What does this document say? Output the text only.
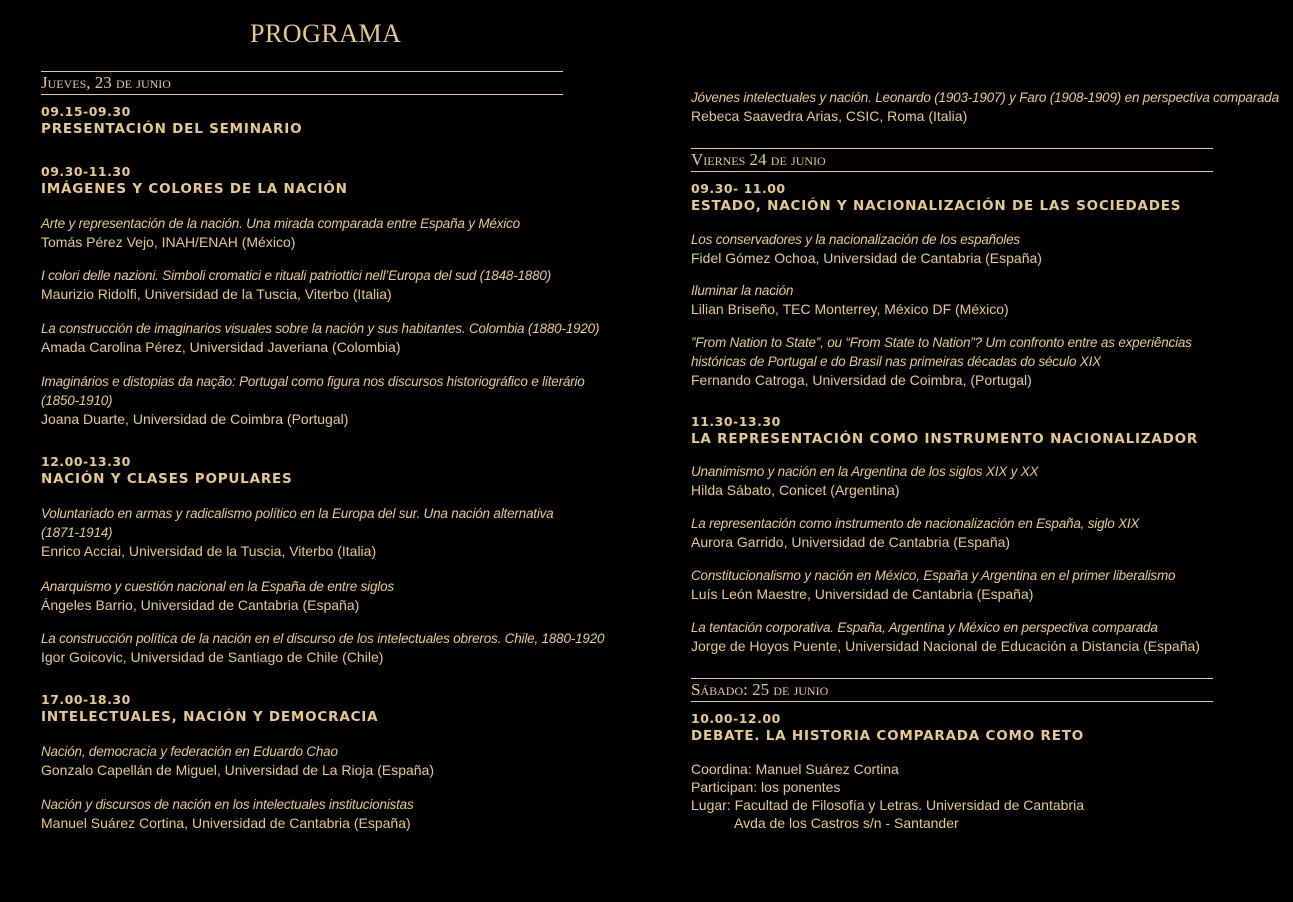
PROGRAMA
Jueves, 23 de junio
09.15-09.30
PRESENTACIÓN DEL SEMINARIO
09.30-11.30
IMÁGENES Y COLORES DE LA NACIÓN
Arte y representación de la nación. Una mirada comparada entre España y México
Tomás Pérez Vejo, INAH/ENAH (México)
I colori delle nazioni. Simboli cromatici e rituali patriottici nell’Europa del sud (1848-1880)
Maurizio Ridolfi, Universidad de la Tuscia, Viterbo (Italia)
La construcción de imaginarios visuales sobre la nación y sus habitantes. Colombia (1880-1920)
Amada Carolina Pérez, Universidad Javeriana (Colombia)
Imaginários e distopias da nação: Portugal como figura nos discursos historiográfico e literário
(1850-1910)
Joana Duarte, Universidad de Coimbra (Portugal)
12.00-13.30
NACIÓN Y CLASES POPULARES
Voluntariado en armas y radicalismo político en la Europa del sur. Una nación alternativa
(1871-1914)
Enrico Acciai, Universidad de la Tuscia, Viterbo (Italia)
Anarquismo y cuestión nacional en la España de entre siglos
Ángeles Barrio, Universidad de Cantabria (España)
La construcción política de la nación en el discurso de los intelectuales obreros. Chile, 1880-1920
Igor Goicovic, Universidad de Santiago de Chile (Chile)
17.00-18.30
INTELECTUALES, NACIÓN Y DEMOCRACIA
Nación, democracia y federación en Eduardo Chao
Gonzalo Capellán de Miguel, Universidad de La Rioja (España)
Nación y discursos de nación en los intelectuales institucionistas
Manuel Suárez Cortina, Universidad de Cantabria (España)
Jóvenes intelectuales y nación. Leonardo (1903-1907) y Faro (1908-1909) en perspectiva comparada
Rebeca Saavedra Arias, CSIC, Roma (Italia)
Viernes 24 de junio
09.30- 11.00
ESTADO, NACIÓN Y NACIONALIZACIÓN DE LAS SOCIEDADES
Los conservadores y la nacionalización de los españoles
Fidel Gómez Ochoa, Universidad de Cantabria (España)
Iluminar la nación
Lilian Briseño, TEC Monterrey, México DF (México)
”From Nation to State”, ou “From State to Nation”? Um confronto entre as experiências
históricas de Portugal e do Brasil nas primeiras décadas do século XIX
Fernando Catroga, Universidad de Coimbra, (Portugal)
11.30-13.30
LA REPRESENTACIÓN COMO INSTRUMENTO NACIONALIZADOR
Unanimismo y nación en la Argentina de los siglos XIX y XX
Hilda Sábato, Conicet (Argentina)
La representación como instrumento de nacionalización en España, siglo XIX
Aurora Garrido, Universidad de Cantabria (España)
Constitucionalismo y nación en México, España y Argentina en el primer liberalismo
Luís León Maestre, Universidad de Cantabria (España)
La tentación corporativa. España, Argentina y México en perspectiva comparada
Jorge de Hoyos Puente, Universidad Nacional de Educación a Distancia (España)
Sábado: 25 de junio
10.00-12.00
DEBATE. LA HISTORIA COMPARADA COMO RETO
Coordina: Manuel Suárez Cortina
Participan: los ponentes
Lugar: Facultad de Filosofía y Letras. Universidad de Cantabria
Avda de los Castros s/n - Santander
